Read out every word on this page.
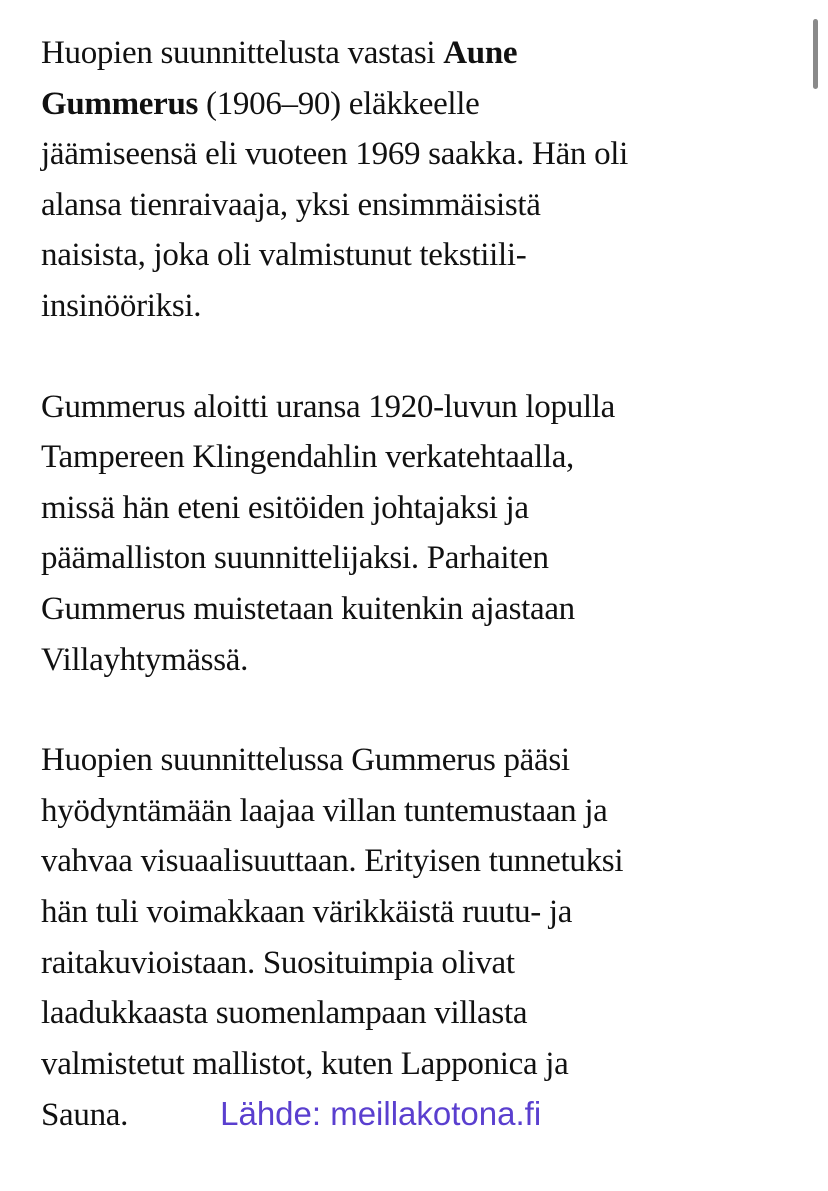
Huopien suunnittelusta vastasi Aune
Gummerus (1906–90) eläkkeelle
jäämiseensä eli vuoteen 1969 saakka. Hän oli
alansa tienraivaaja, yksi ensimmäisistä
naisista, joka oli valmistunut tekstiili-
insinööriksi.

Gummerus aloitti uransa 1920-luvun lopulla
Tampereen Klingendahlin verkatehtaalla,
missä hän eteni esitöiden johtajaksi ja
päämalliston suunnittelijaksi. Parhaiten
Gummerus muistetaan kuitenkin ajastaan
Villayhtymässä.

Huopien suunnittelussa Gummerus pääsi
hyödyntämään laajaa villan tuntemustaan ja
vahvaa visuaalisuuttaan. Erityisen tunnetuksi
hän tuli voimakkaan värikkäistä ruutu- ja
raitakuvioistaan. Suosituimpia olivat
laadukkaasta suomenlampaan villasta
valmistetut mallistot, kuten Lapponica ja
Sauna.	Lähde: meillakotona.fi
